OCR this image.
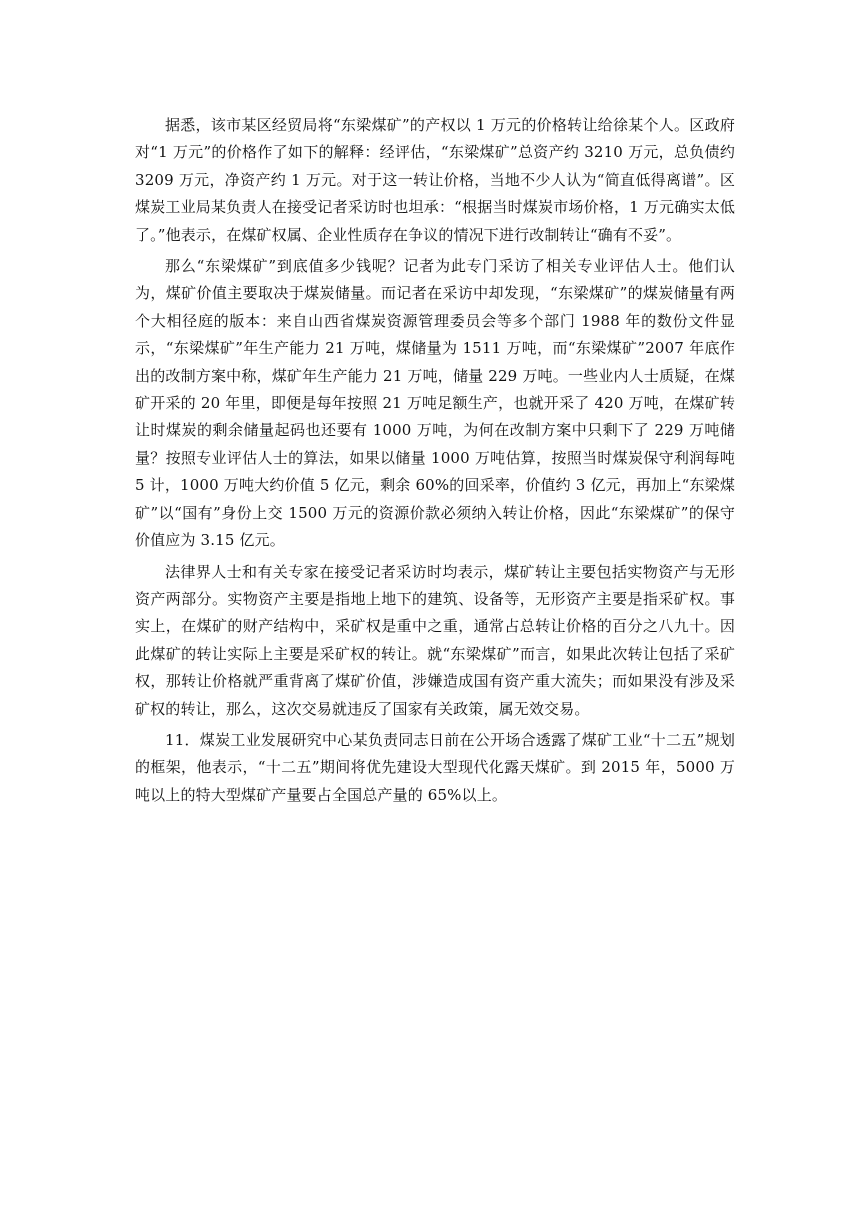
据悉，该市某区经贸局将“东梁煤矿”的产权以 1 万元的价格转让给徐某个人。区政府对“1 万元”的价格作了如下的解释：经评估，“东梁煤矿”总资产约 3210 万元，总负债约 3209 万元，净资产约 1 万元。对于这一转让价格，当地不少人认为“简直低得离谱”。区煤炭工业局某负责人在接受记者采访时也坦承：“根据当时煤炭市场价格，1 万元确实太低了。”他表示，在煤矿权属、企业性质存在争议的情况下进行改制转让“确有不妥”。

那么“东梁煤矿”到底值多少钱呢？记者为此专门采访了相关专业评估人士。他们认为，煤矿价值主要取决于煤炭储量。而记者在采访中却发现，“东梁煤矿”的煤炭储量有两个大相径庭的版本：来自山西省煤炭资源管理委员会等多个部门 1988 年的数份文件显示，“东梁煤矿”年生产能力 21 万吨，煤储量为 1511 万吨，而“东梁煤矿”2007 年底作出的改制方案中称，煤矿年生产能力 21 万吨，储量 229 万吨。一些业内人士质疑，在煤矿开采的 20 年里，即便是每年按照 21 万吨足额生产，也就开采了 420 万吨，在煤矿转让时煤炭的剩余储量起码也还要有 1000 万吨，为何在改制方案中只剩下了 229 万吨储量？按照专业评估人士的算法，如果以储量 1000 万吨估算，按照当时煤炭保守利润每吨 5 计，1000 万吨大约价值 5 亿元，剩余 60%的回采率，价值约 3 亿元，再加上“东梁煤矿”以“国有”身份上交 1500 万元的资源价款必须纳入转让价格，因此“东梁煤矿”的保守价值应为 3.15 亿元。

法律界人士和有关专家在接受记者采访时均表示，煤矿转让主要包括实物资产与无形资产两部分。实物资产主要是指地上地下的建筑、设备等，无形资产主要是指采矿权。事实上，在煤矿的财产结构中，采矿权是重中之重，通常占总转让价格的百分之八九十。因此煤矿的转让实际上主要是采矿权的转让。就“东梁煤矿”而言，如果此次转让包括了采矿权，那转让价格就严重背离了煤矿价值，涉嫌造成国有资产重大流失；而如果没有涉及采矿权的转让，那么，这次交易就违反了国家有关政策，属无效交易。

11．煤炭工业发展研究中心某负责同志日前在公开场合透露了煤矿工业“十二五”规划的框架，他表示，“十二五”期间将优先建设大型现代化露天煤矿。到 2015 年，5000 万吨以上的特大型煤矿产量要占全国总产量的 65%以上。
